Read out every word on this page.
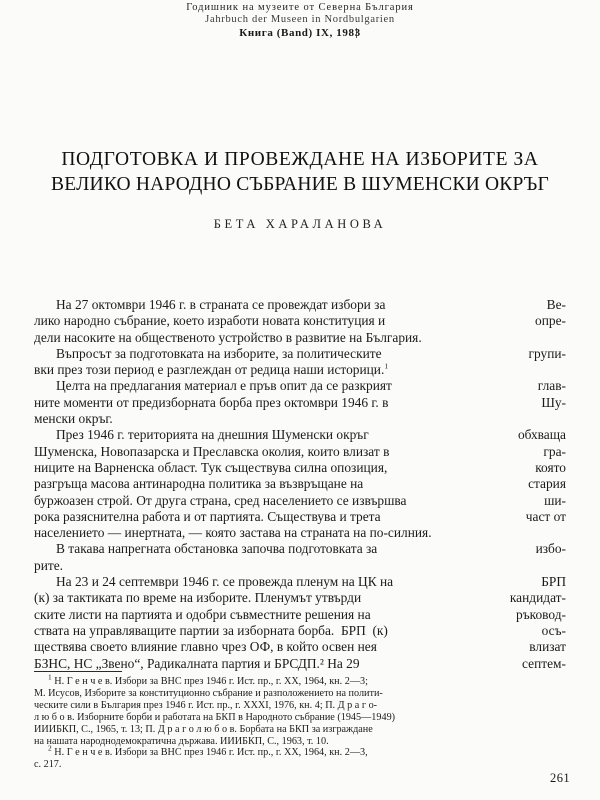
Годишник на музеите от Северна България
Jahrbuch der Museen in Nordbulgarien
Книга (Band) IX, 1983
ПОДГОТОВКА И ПРОВЕЖДАНЕ НА ИЗБОРИТЕ ЗА
ВЕЛИКО НАРОДНО СЪБРАНИЕ В ШУМЕНСКИ ОКРЪГ
БЕТА ХАРАЛАНОВА

На 27 октомври 1946 г. в страната се провеждат избори за	Ве-
лико народно събрание, което изработи новата конституция и	опре-
дели насоките на общественото устройство в развитие на България.

Въпросът за подготовката на изборите, за политическите	групи-
вки през този период е разглеждан от редица наши историци.$^1$

Целта на предлагания материал е пръв опит да се разкрият	глав-
ните моменти от предизборната борба през октомври 1946 г. в	Шу-
менски окръг.

През 1946 г. територията на днешния Шуменски окръг	обхваща
Шуменска, Новопазарска и Преславска околия, които влизат в	гра-
ниците на Варненска област. Тук съществува силна опозиция,	която
разгръща масова антинародна политика за възвръщане на	стария
буржоазен строй. От друга страна, сред населението се извършва	ши-
рока разяснителна работа и от партията. Съществува и трета	част от
населението — инертната, — която застава на страната на по-силния.

В такава напрегната обстановка започва подготовката за	избо-
рите.

На 23 и 24 септември 1946 г. се провежда пленум на ЦК на	БРП
(к) за тактиката по време на изборите. Пленумът утвърди	кандидат-
ските листи на партията и одобри съвместните решения на	ръковод-
ствата на управляващите партии за изборната борба.  БРП  (к)	осъ-
ществява своето влияние главно чрез ОФ, в който освен нея	влизат
БЗНС, НС „Звено“, Радикалната партия и БРСДП.² На 29	септем-

$^1$ Н. Г е н ч е в. Избори за ВНС през 1946 г. Ист. пр., г. XX, 1964, кн. 2—3;
М. Исусов, Изборите за конституционно събрание и разположението на полити-
ческите сили в България през 1946 г. Ист. пр., г. XXXI, 1976, кн. 4; П. Д р а г о-
л ю б о в. Изборните борби и работата на БКП в Народното събрание (1945—1949)
ИИИБКП, С., 1965, т. 13; П. Д р а г о л ю б о в. Борбата на БКП за изграждане
на нашата народнодемократична държава. ИИИБКП, С., 1963, т. 10.

$^2$ Н. Г е н ч е в. Избори за ВНС през 1946 г. Ист. пр., г. XX, 1964, кн. 2—3,
с. 217.

261
